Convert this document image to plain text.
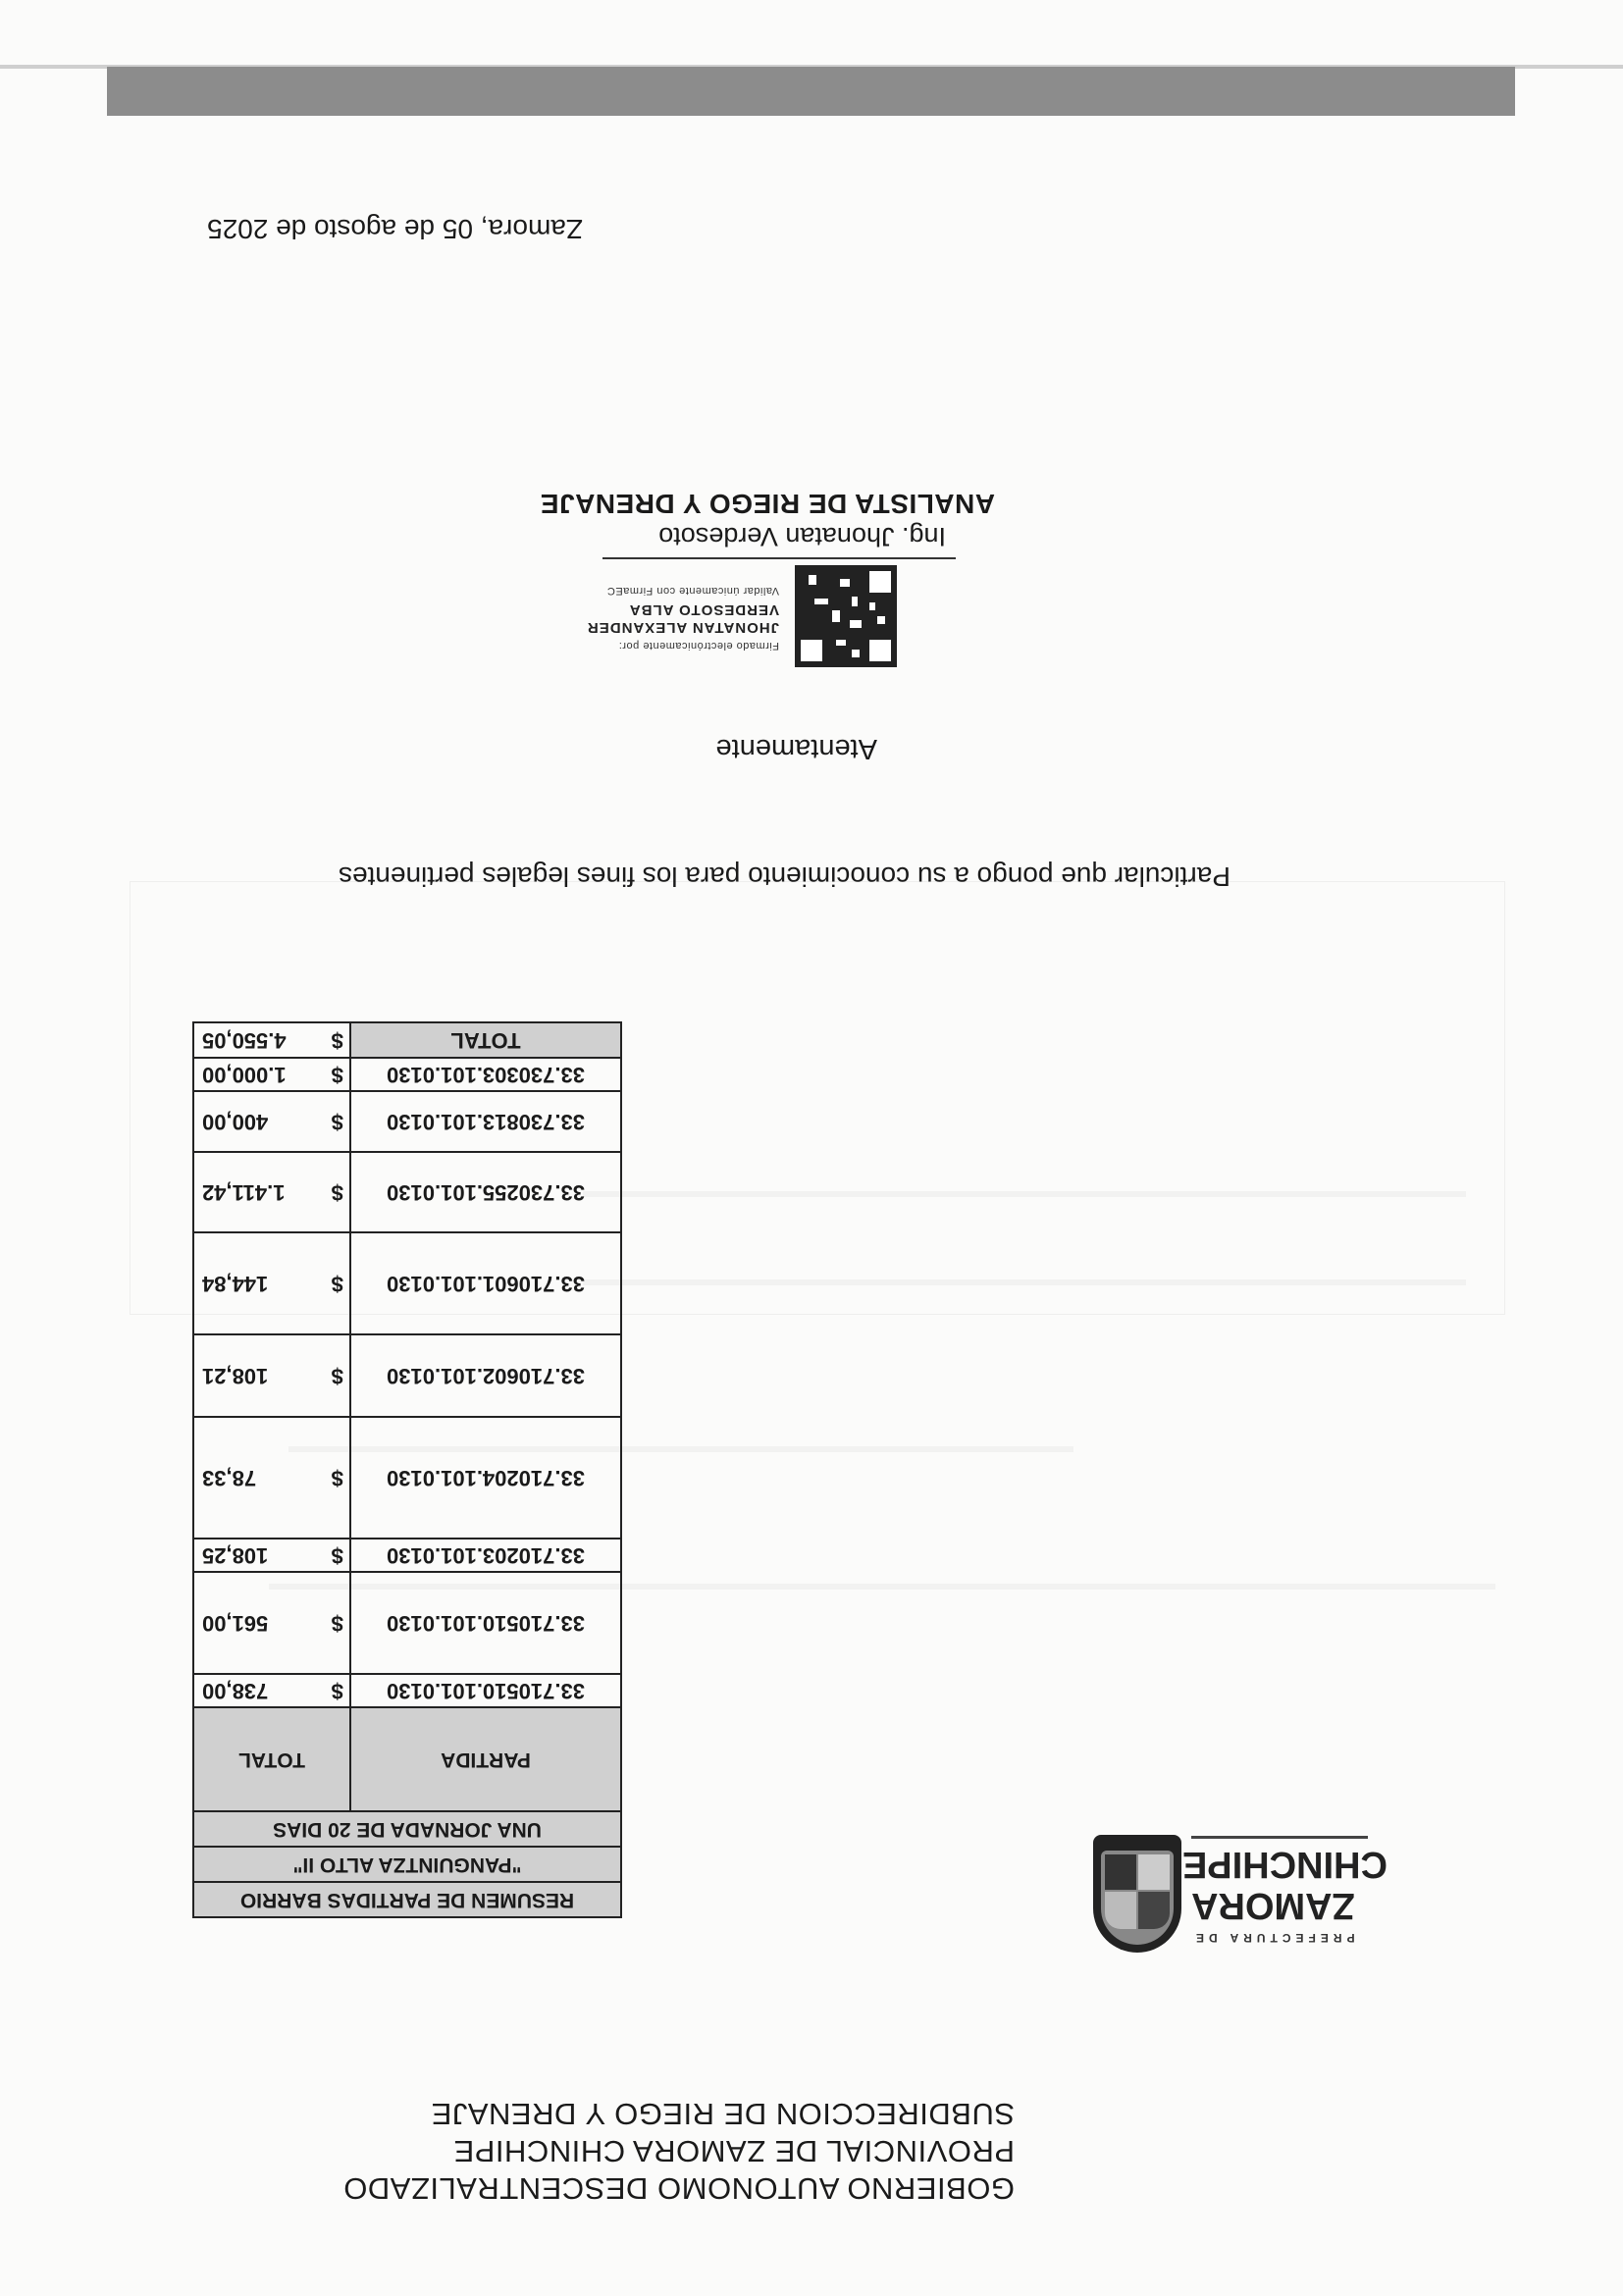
PREFECTURA DE
ZAMORA
CHINCHIPE
GOBIERNO AUTONOMO DESCENTRALIZADO
PROVINCIAL DE ZAMORA CHINCHIPE
SUBDIRECCION DE RIEGO Y DRENAJE
RESUMEN DE PARTIDAS BARRIO		
"PANGUINTZA ALTO II"		
UNA JORNADA DE 20 DIAS		
PARTIDA	TOTAL	
33.710510.101.0130	$	738,00
33.710510.101.0130	$	561,00
33.710203.101.0130	$	108,25
33.710204.101.0130	$	78,33
33.710602.101.0130	$	108,21
33.710601.101.0130	$	144,84
33.730255.101.0130	$	1.411,42
33.730813.101.0130	$	400,00
33.730303.101.0130	$	1.000,00
TOTAL	$	4.550,05
Particular que pongo a su conocimiento para los fines legales pertinentes
Atentamente
Firmado electrónicamente por:
JHONATAN ALEXANDER
VERDESOTO ALBA
Validar únicamente con FirmaEC
Ing. Jhonatan Verdesoto
ANALISTA DE RIEGO Y DRENAJE
Zamora, 05 de agosto de 2025
